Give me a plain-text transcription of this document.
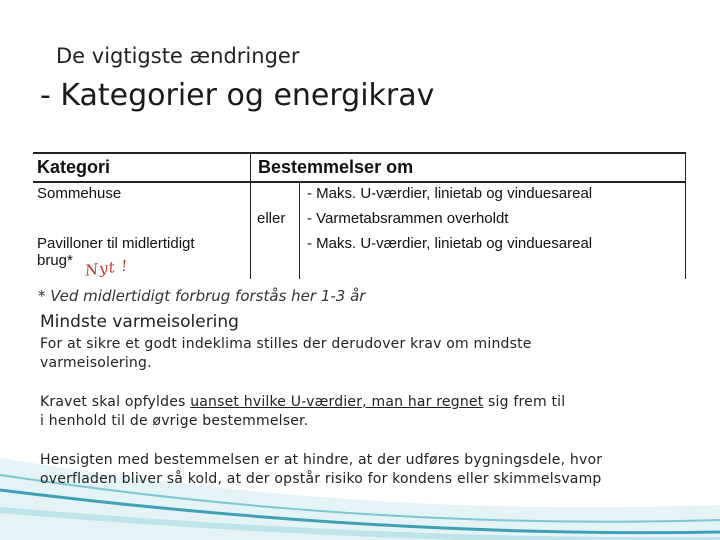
De vigtigste ændringer
- Kategorier og energikrav
Kategori	Bestemmelser om
Sommehuse	- Maks. U-værdier, linietab og vinduesareal
eller - Varmetabsrammen overholdt
Pavilloner til midlertidigt
brug* Nyt !
- Maks. U-værdier, linietab og vinduesareal
* Ved midlertidigt forbrug forstås her 1-3 år
Mindste varmeisolering
For at sikre et godt indeklima stilles der derudover krav om mindste
varmeisolering.
Kravet skal opfyldes uanset hvilke U-værdier, man har regnet sig frem til
i henhold til de øvrige bestemmelser.
Hensigten med bestemmelsen er at hindre, at der udføres bygningsdele, hvor
overfladen bliver så kold, at der opstår risiko for kondens eller skimmelsvamp
